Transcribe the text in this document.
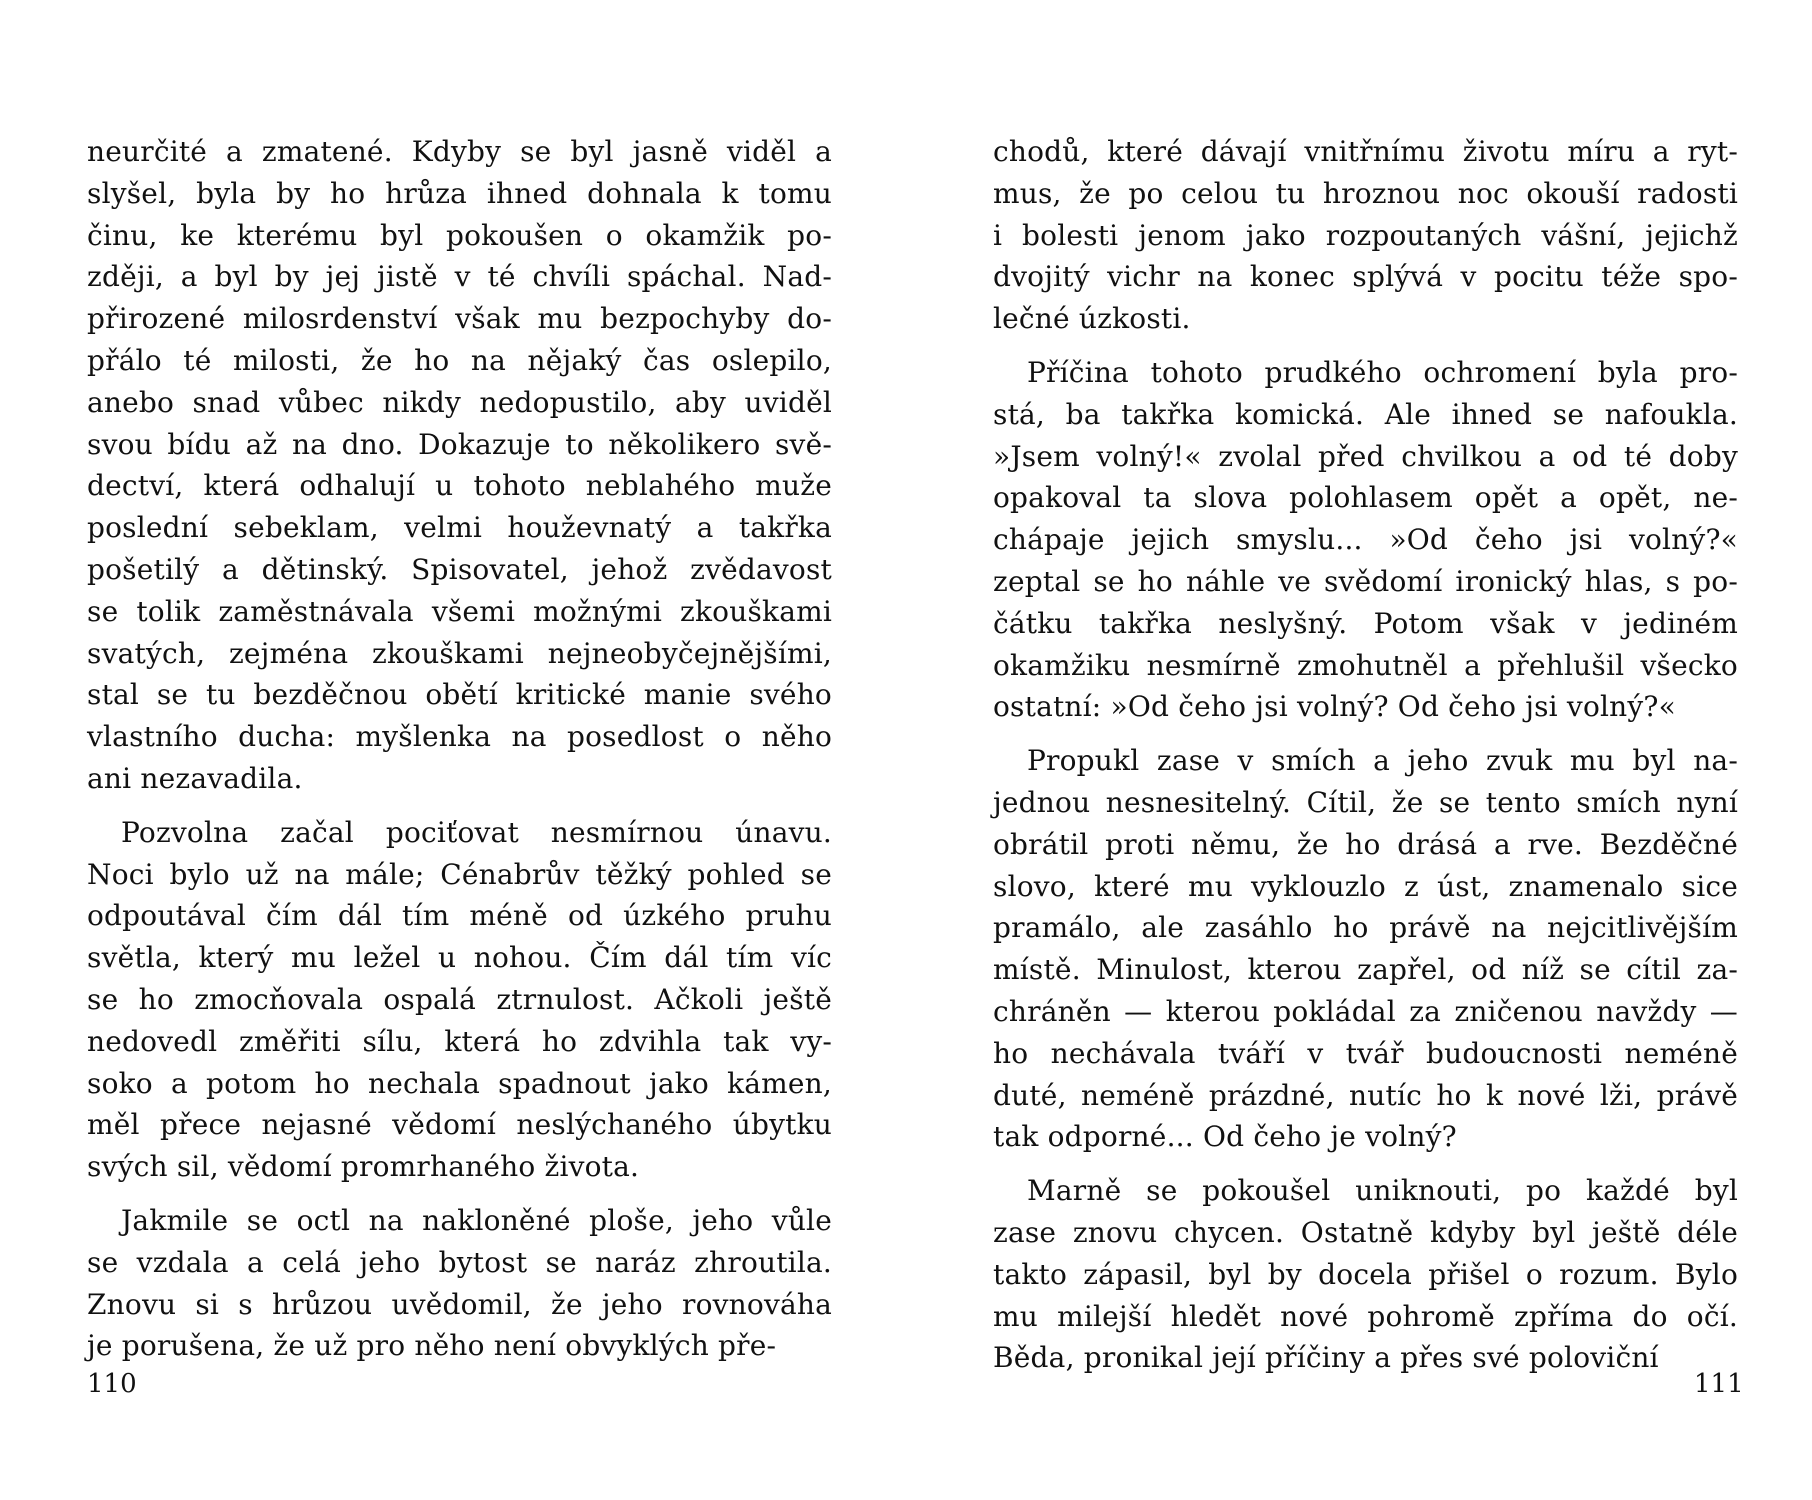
neurčité a zmatené. Kdyby se byl jasně viděl a
slyšel, byla by ho hrůza ihned dohnala k tomu
činu, ke kterému byl pokoušen o okamžik po-
zději, a byl by jej jistě v té chvíli spáchal. Nad-
přirozené milosrdenství však mu bezpochyby do-
přálo té milosti, že ho na nějaký čas oslepilo,
anebo snad vůbec nikdy nedopustilo, aby uviděl
svou bídu až na dno. Dokazuje to několikero svě-
dectví, která odhalují u tohoto neblahého muže
poslední sebeklam, velmi houževnatý a takřka
pošetilý a dětinský. Spisovatel, jehož zvědavost
se tolik zaměstnávala všemi možnými zkouškami
svatých, zejména zkouškami nejneobyčejnějšími,
stal se tu bezděčnou obětí kritické manie svého
vlastního ducha: myšlenka na posedlost o něho
ani nezavadila.
Pozvolna začal pociťovat nesmírnou únavu.
Noci bylo už na mále; Cénabrův těžký pohled se
odpoutával čím dál tím méně od úzkého pruhu
světla, který mu ležel u nohou. Čím dál tím víc
se ho zmocňovala ospalá ztrnulost. Ačkoli ještě
nedovedl změřiti sílu, která ho zdvihla tak vy-
soko a potom ho nechala spadnout jako kámen,
měl přece nejasné vědomí neslýchaného úbytku
svých sil, vědomí promrhaného života.
Jakmile se octl na nakloněné ploše, jeho vůle
se vzdala a celá jeho bytost se naráz zhroutila.
Znovu si s hrůzou uvědomil, že jeho rovnováha
je porušena, že už pro něho není obvyklých pře-
chodů, které dávají vnitřnímu životu míru a ryt-
mus, že po celou tu hroznou noc okouší radosti
i bolesti jenom jako rozpoutaných vášní, jejichž
dvojitý vichr na konec splývá v pocitu téže spo-
lečné úzkosti.
Příčina tohoto prudkého ochromení byla pro-
stá, ba takřka komická. Ale ihned se nafoukla.
»Jsem volný!« zvolal před chvilkou a od té doby
opakoval ta slova polohlasem opět a opět, ne-
chápaje jejich smyslu... »Od čeho jsi volný?«
zeptal se ho náhle ve svědomí ironický hlas, s po-
čátku takřka neslyšný. Potom však v jediném
okamžiku nesmírně zmohutněl a přehlušil všecko
ostatní: »Od čeho jsi volný? Od čeho jsi volný?«
Propukl zase v smích a jeho zvuk mu byl na-
jednou nesnesitelný. Cítil, že se tento smích nyní
obrátil proti němu, že ho drásá a rve. Bezděčné
slovo, které mu vyklouzlo z úst, znamenalo sice
pramálo, ale zasáhlo ho právě na nejcitlivějším
místě. Minulost, kterou zapřel, od níž se cítil za-
chráněn — kterou pokládal za zničenou navždy —
ho nechávala tváří v tvář budoucnosti neméně
duté, neméně prázdné, nutíc ho k nové lži, právě
tak odporné... Od čeho je volný?
Marně se pokoušel uniknouti, po každé byl
zase znovu chycen. Ostatně kdyby byl ještě déle
takto zápasil, byl by docela přišel o rozum. Bylo
mu milejší hledět nové pohromě zpříma do očí.
Běda, pronikal její příčiny a přes své poloviční
110	111
